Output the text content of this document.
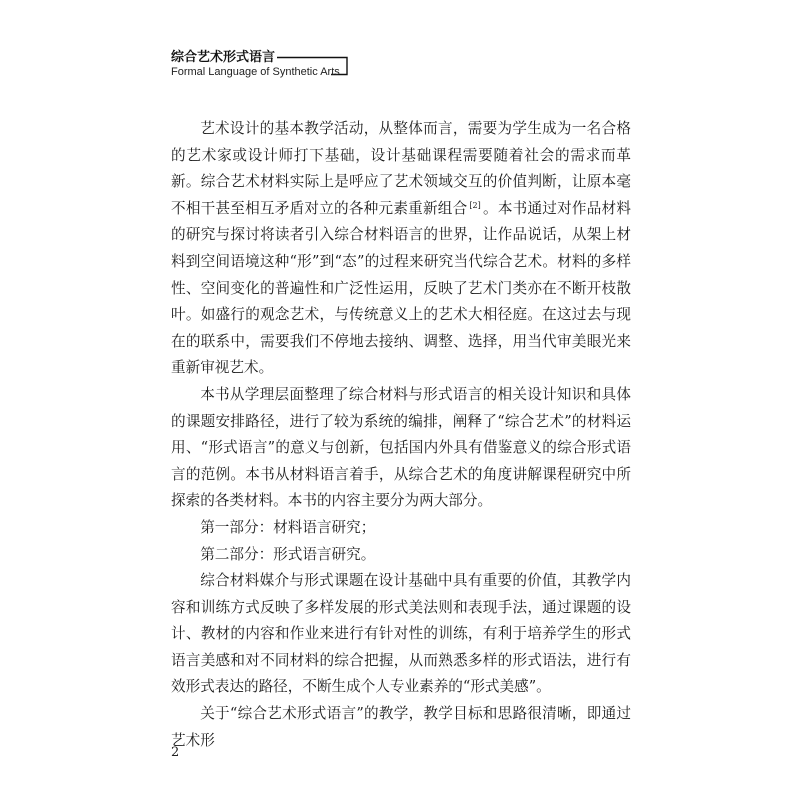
综合艺术形式语言
Formal Language of Synthetic Arts

艺术设计的基本教学活动，从整体而言，需要为学生成为一名合格的艺术家或设计师打下基础，设计基础课程需要随着社会的需求而革新。综合艺术材料实际上是呼应了艺术领域交互的价值判断，让原本毫不相干甚至相互矛盾对立的各种元素重新组合 [2] 。本书通过对作品材料的研究与探讨将读者引入综合材料语言的世界，让作品说话，从架上材料到空间语境这种“形”到“态”的过程来研究当代综合艺术。材料的多样性、空间变化的普遍性和广泛性运用，反映了艺术门类亦在不断开枝散叶。如盛行的观念艺术，与传统意义上的艺术大相径庭。在这过去与现在的联系中，需要我们不停地去接纳、调整、选择，用当代审美眼光来重新审视艺术。

本书从学理层面整理了综合材料与形式语言的相关设计知识和具体的课题安排路径，进行了较为系统的编排，阐释了“综合艺术”的材料运用、“形式语言”的意义与创新，包括国内外具有借鉴意义的综合形式语言的范例。本书从材料语言着手，从综合艺术的角度讲解课程研究中所探索的各类材料。本书的内容主要分为两大部分。

第一部分：材料语言研究；

第二部分：形式语言研究。

综合材料媒介与形式课题在设计基础中具有重要的价值，其教学内容和训练方式反映了多样发展的形式美法则和表现手法，通过课题的设计、教材的内容和作业来进行有针对性的训练，有利于培养学生的形式语言美感和对不同材料的综合把握，从而熟悉多样的形式语法，进行有效形式表达的路径，不断生成个人专业素养的“形式美感”。

关于“综合艺术形式语言”的教学，教学目标和思路很清晰，即通过艺术形

2
